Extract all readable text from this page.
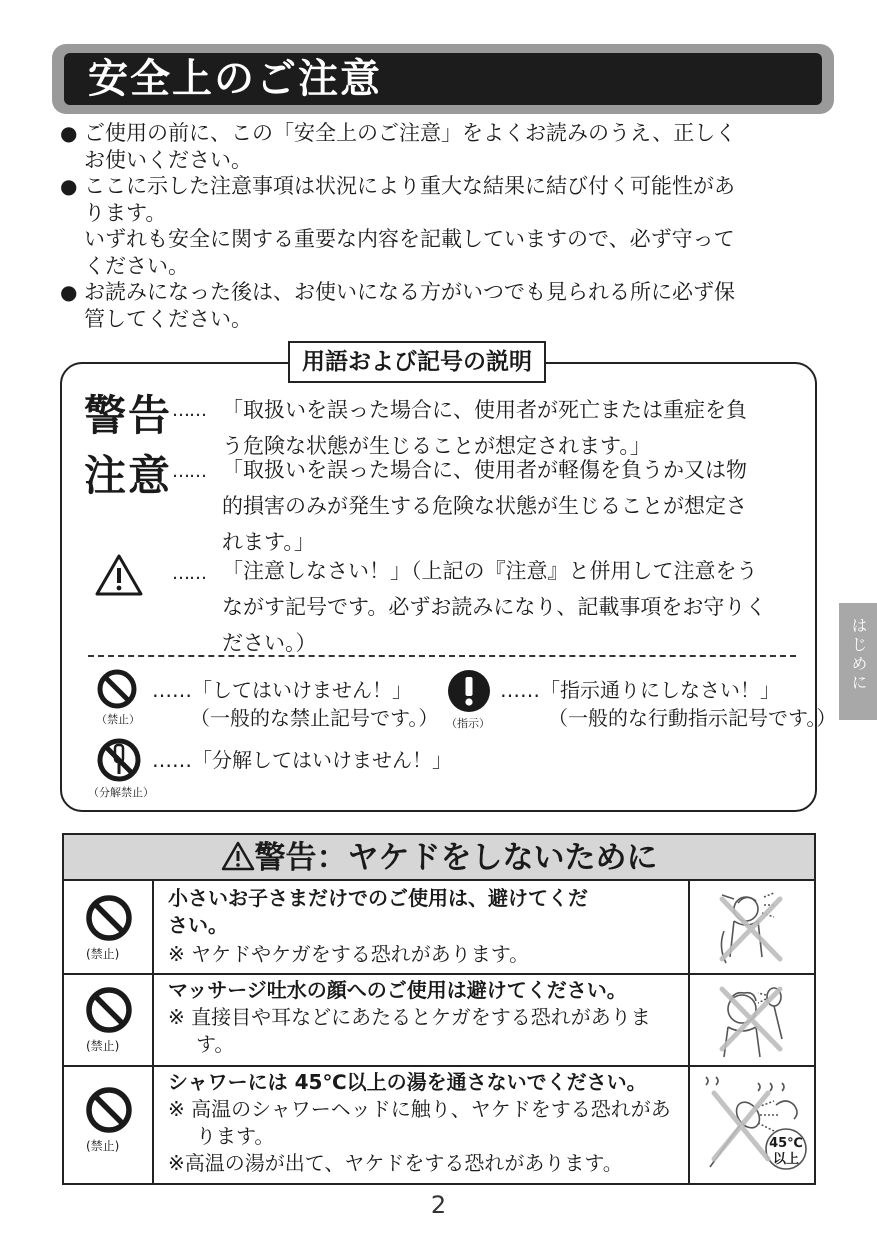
安全上のご注意
● ご使用の前に、この「安全上のご注意」をよくお読みのうえ、正しく
お使いください。
● ここに示した注意事項は状況により重大な結果に結び付く可能性があ
ります。
いずれも安全に関する重要な内容を記載していますので、必ず守って
ください。
● お読みになった後は、お使いになる方がいつでも見られる所に必ず保
管してください。
用語および記号の説明
警告 …… 「取扱いを誤った場合に、使用者が死亡または重症を負
う危険な状態が生じることが想定されます。」
注意 …… 「取扱いを誤った場合に、使用者が軽傷を負うか又は物
的損害のみが発生する危険な状態が生じることが想定さ
れます。」
…… 「注意しなさい！」（上記の『注意』と併用して注意をう
ながす記号です。必ずお読みになり、記載事項をお守りく
ださい。）
（禁止）
……「してはいけません！」
（一般的な禁止記号です。） （指示）
……「指示通りにしなさい！」
（一般的な行動指示記号です。）
（分解禁止）
……「分解してはいけません！」
警告：ヤケドをしないために
(禁止)
小さいお子さまだけでのご使用は、避けてくだ
さい。
※ ヤケドやケガをする恐れがあります。
(禁止)
マッサージ吐水の顔へのご使用は避けてください。
※ 直接目や耳などにあたるとケガをする恐れがあります。
(禁止)
シャワーには 45℃以上の湯を通さないでください。
※ 高温のシャワーヘッドに触り、ヤケドをする恐れがあります。
※高温の湯が出て、ヤケドをする恐れがあります。
45℃
以上
はじめに
2
